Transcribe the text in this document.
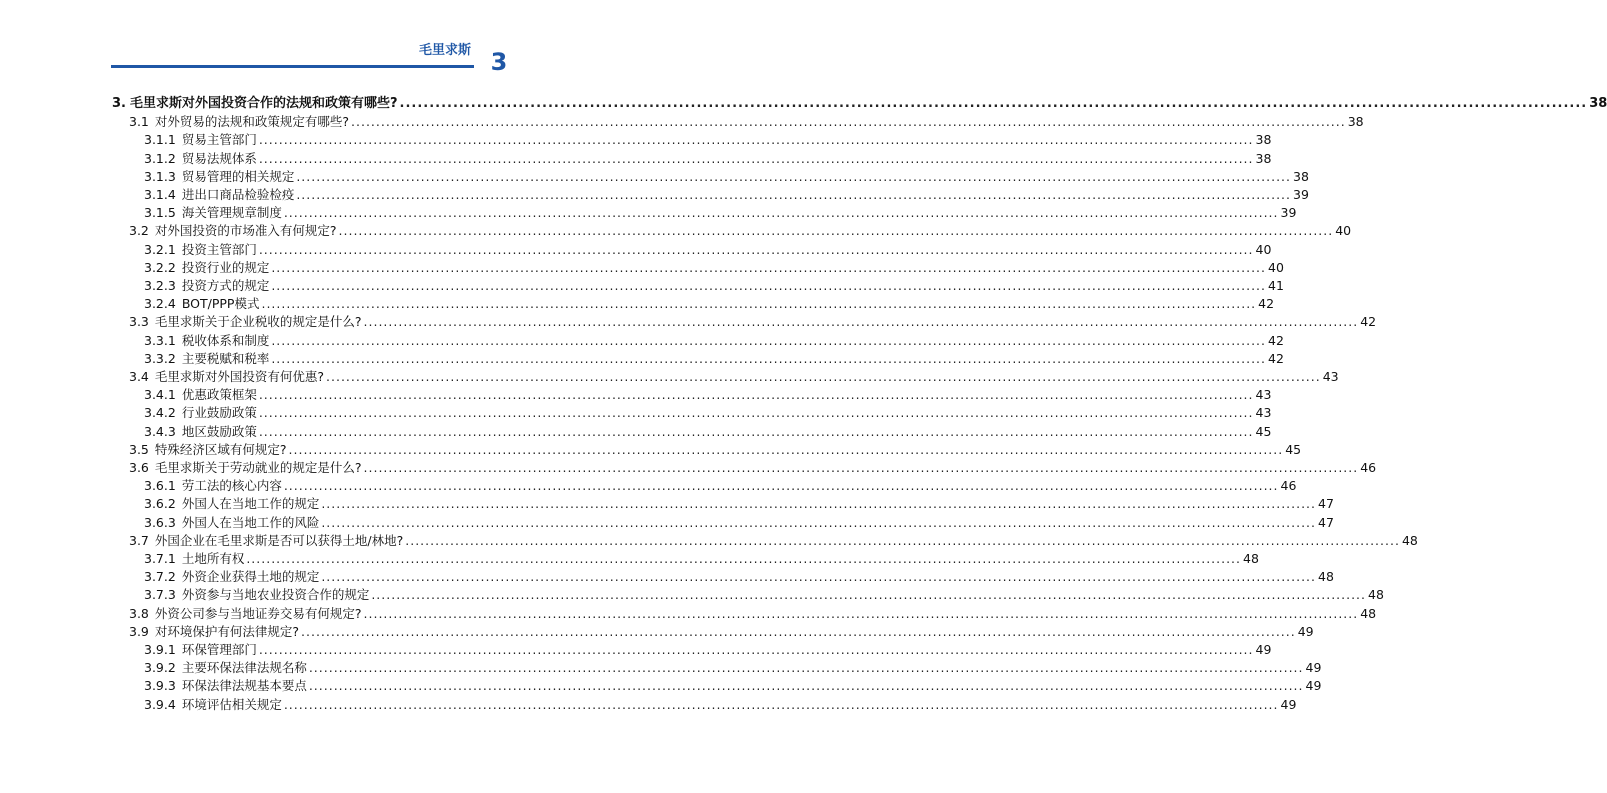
毛里求斯 3
3. 毛里求斯对外国投资合作的法规和政策有哪些? ........................................................................................................................................................................................................ 38
3.1 对外贸易的法规和政策规定有哪些? ........................................................................................................................................................................................................ 38
3.1.1 贸易主管部门 ........................................................................................................................................................................................................ 38
3.1.2 贸易法规体系 ........................................................................................................................................................................................................ 38
3.1.3 贸易管理的相关规定 ........................................................................................................................................................................................................ 38
3.1.4 进出口商品检验检疫 ........................................................................................................................................................................................................ 39
3.1.5 海关管理规章制度 ........................................................................................................................................................................................................ 39
3.2 对外国投资的市场准入有何规定? ........................................................................................................................................................................................................ 40
3.2.1 投资主管部门 ........................................................................................................................................................................................................ 40
3.2.2 投资行业的规定 ........................................................................................................................................................................................................ 40
3.2.3 投资方式的规定 ........................................................................................................................................................................................................ 41
3.2.4 BOT/PPP模式 ........................................................................................................................................................................................................ 42
3.3 毛里求斯关于企业税收的规定是什么? ........................................................................................................................................................................................................ 42
3.3.1 税收体系和制度 ........................................................................................................................................................................................................ 42
3.3.2 主要税赋和税率 ........................................................................................................................................................................................................ 42
3.4 毛里求斯对外国投资有何优惠? ........................................................................................................................................................................................................ 43
3.4.1 优惠政策框架 ........................................................................................................................................................................................................ 43
3.4.2 行业鼓励政策 ........................................................................................................................................................................................................ 43
3.4.3 地区鼓励政策 ........................................................................................................................................................................................................ 45
3.5 特殊经济区域有何规定? ........................................................................................................................................................................................................ 45
3.6 毛里求斯关于劳动就业的规定是什么? ........................................................................................................................................................................................................ 46
3.6.1 劳工法的核心内容 ........................................................................................................................................................................................................ 46
3.6.2 外国人在当地工作的规定 ........................................................................................................................................................................................................ 47
3.6.3 外国人在当地工作的风险 ........................................................................................................................................................................................................ 47
3.7 外国企业在毛里求斯是否可以获得土地/林地? ........................................................................................................................................................................................................ 48
3.7.1 土地所有权 ........................................................................................................................................................................................................ 48
3.7.2 外资企业获得土地的规定 ........................................................................................................................................................................................................ 48
3.7.3 外资参与当地农业投资合作的规定 ........................................................................................................................................................................................................ 48
3.8 外资公司参与当地证券交易有何规定? ........................................................................................................................................................................................................ 48
3.9 对环境保护有何法律规定? ........................................................................................................................................................................................................ 49
3.9.1 环保管理部门 ........................................................................................................................................................................................................ 49
3.9.2 主要环保法律法规名称 ........................................................................................................................................................................................................ 49
3.9.3 环保法律法规基本要点 ........................................................................................................................................................................................................ 49
3.9.4 环境评估相关规定 ........................................................................................................................................................................................................ 49
